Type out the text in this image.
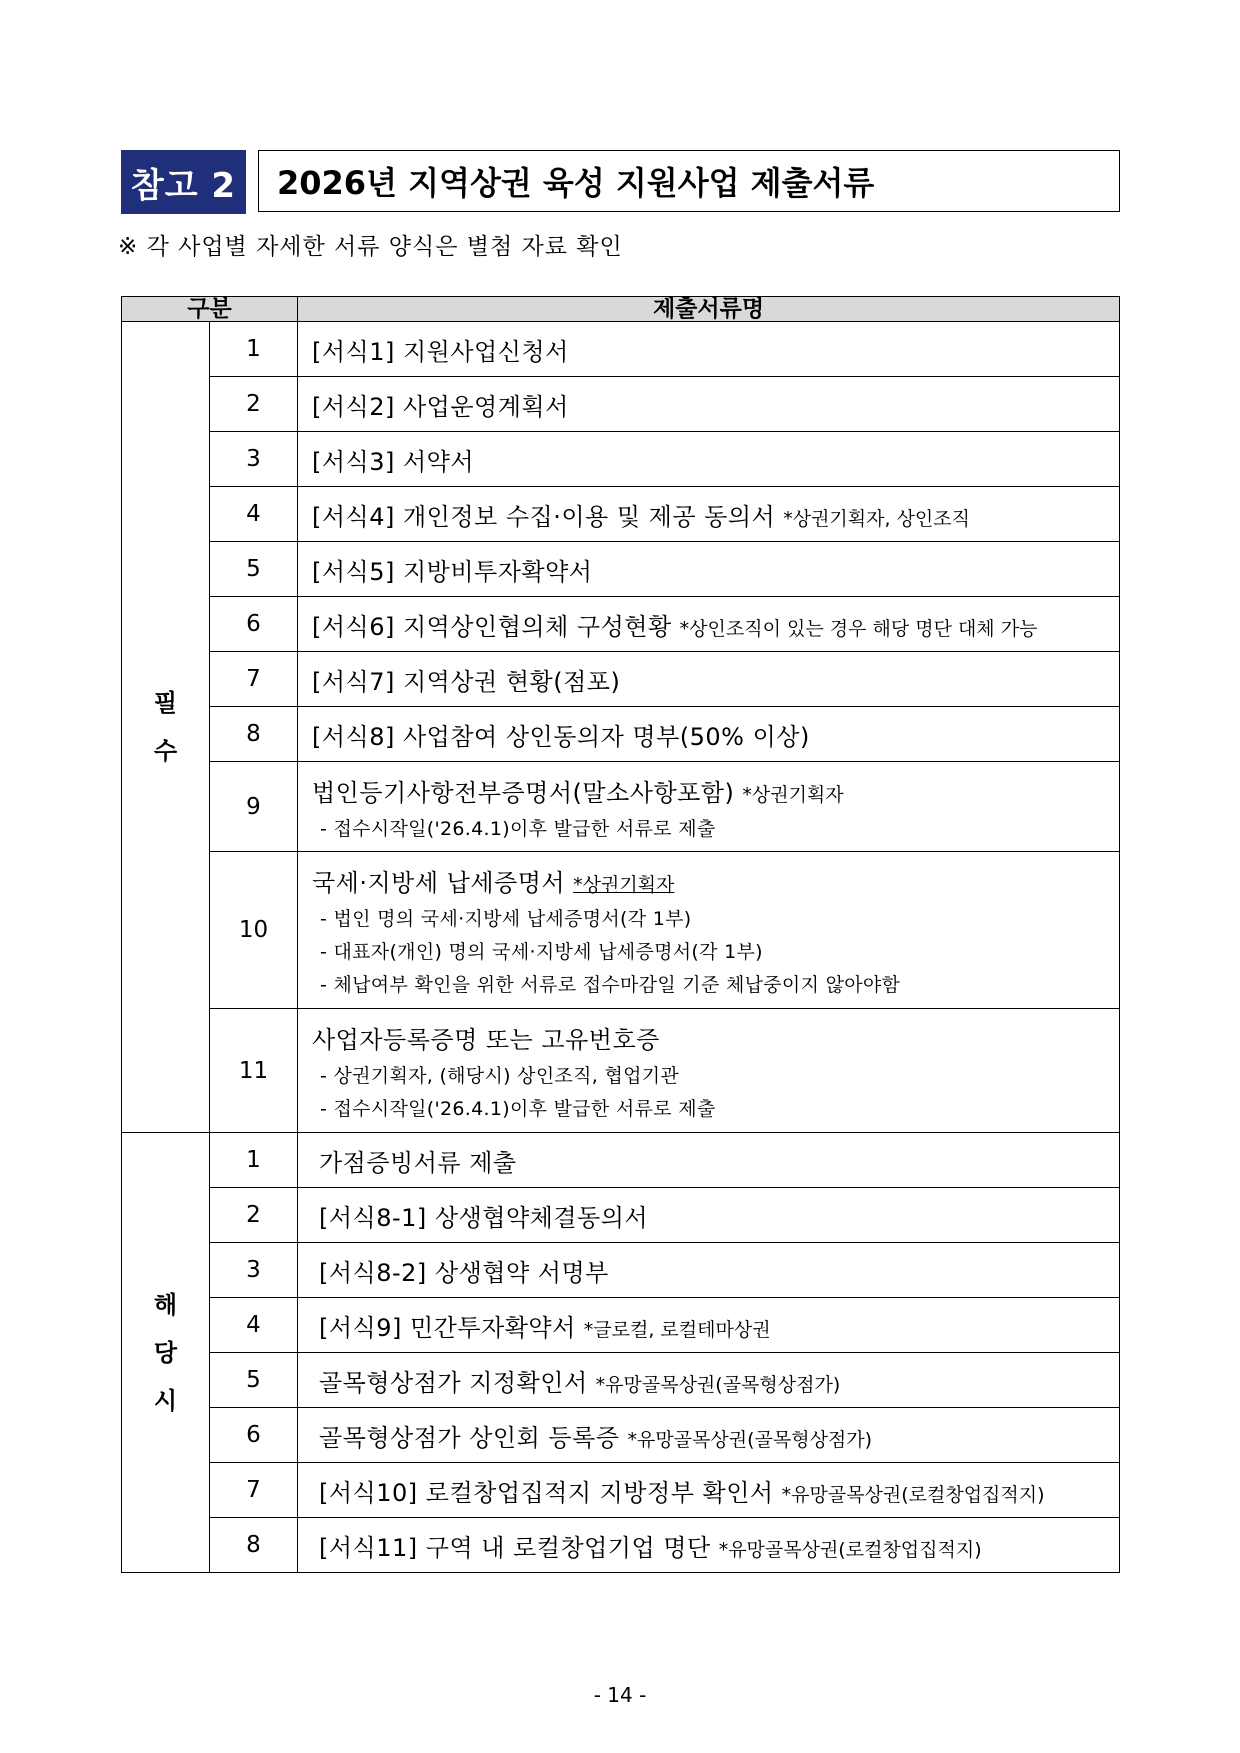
참고 2	2026년 지역상권 육성 지원사업 제출서류
※ 각 사업별 자세한 서류 양식은 별첨 자료 확인
구분		제출서류명
필
수	1	[서식1] 지원사업신청서

	2	[서식2] 사업운영계획서

	3	[서식3] 서약서

	4	[서식4] 개인정보 수집·이용 및 제공 동의서 *상권기획자, 상인조직

	5	[서식5] 지방비투자확약서

	6	[서식6] 지역상인협의체 구성현황 *상인조직이 있는 경우 해당 명단 대체 가능

	7	[서식7] 지역상권 현황(점포)

	8	[서식8] 사업참여 상인동의자 명부(50% 이상)

	9	법인등기사항전부증명서(말소사항포함) *상권기획자
- 접수시작일('26.4.1)이후 발급한 서류로 제출

	10	국세·지방세 납세증명서 *상권기획자
- 법인 명의 국세·지방세 납세증명서(각 1부)
- 대표자(개인) 명의 국세·지방세 납세증명서(각 1부)
- 체납여부 확인을 위한 서류로 접수마감일 기준 체납중이지 않아야함

	11	사업자등록증명 또는 고유번호증
- 상권기획자, (해당시) 상인조직, 협업기관
- 접수시작일('26.4.1)이후 발급한 서류로 제출

해
당
시	1	가점증빙서류 제출

	2	[서식8-1] 상생협약체결동의서

	3	[서식8-2] 상생협약 서명부

	4	[서식9] 민간투자확약서 *글로컬, 로컬테마상권

	5	골목형상점가 지정확인서 *유망골목상권(골목형상점가)

	6	골목형상점가 상인회 등록증 *유망골목상권(골목형상점가)

	7	[서식10] 로컬창업집적지 지방정부 확인서 *유망골목상권(로컬창업집적지)

	8	[서식11] 구역 내 로컬창업기업 명단 *유망골목상권(로컬창업집적지)
- 14 -
